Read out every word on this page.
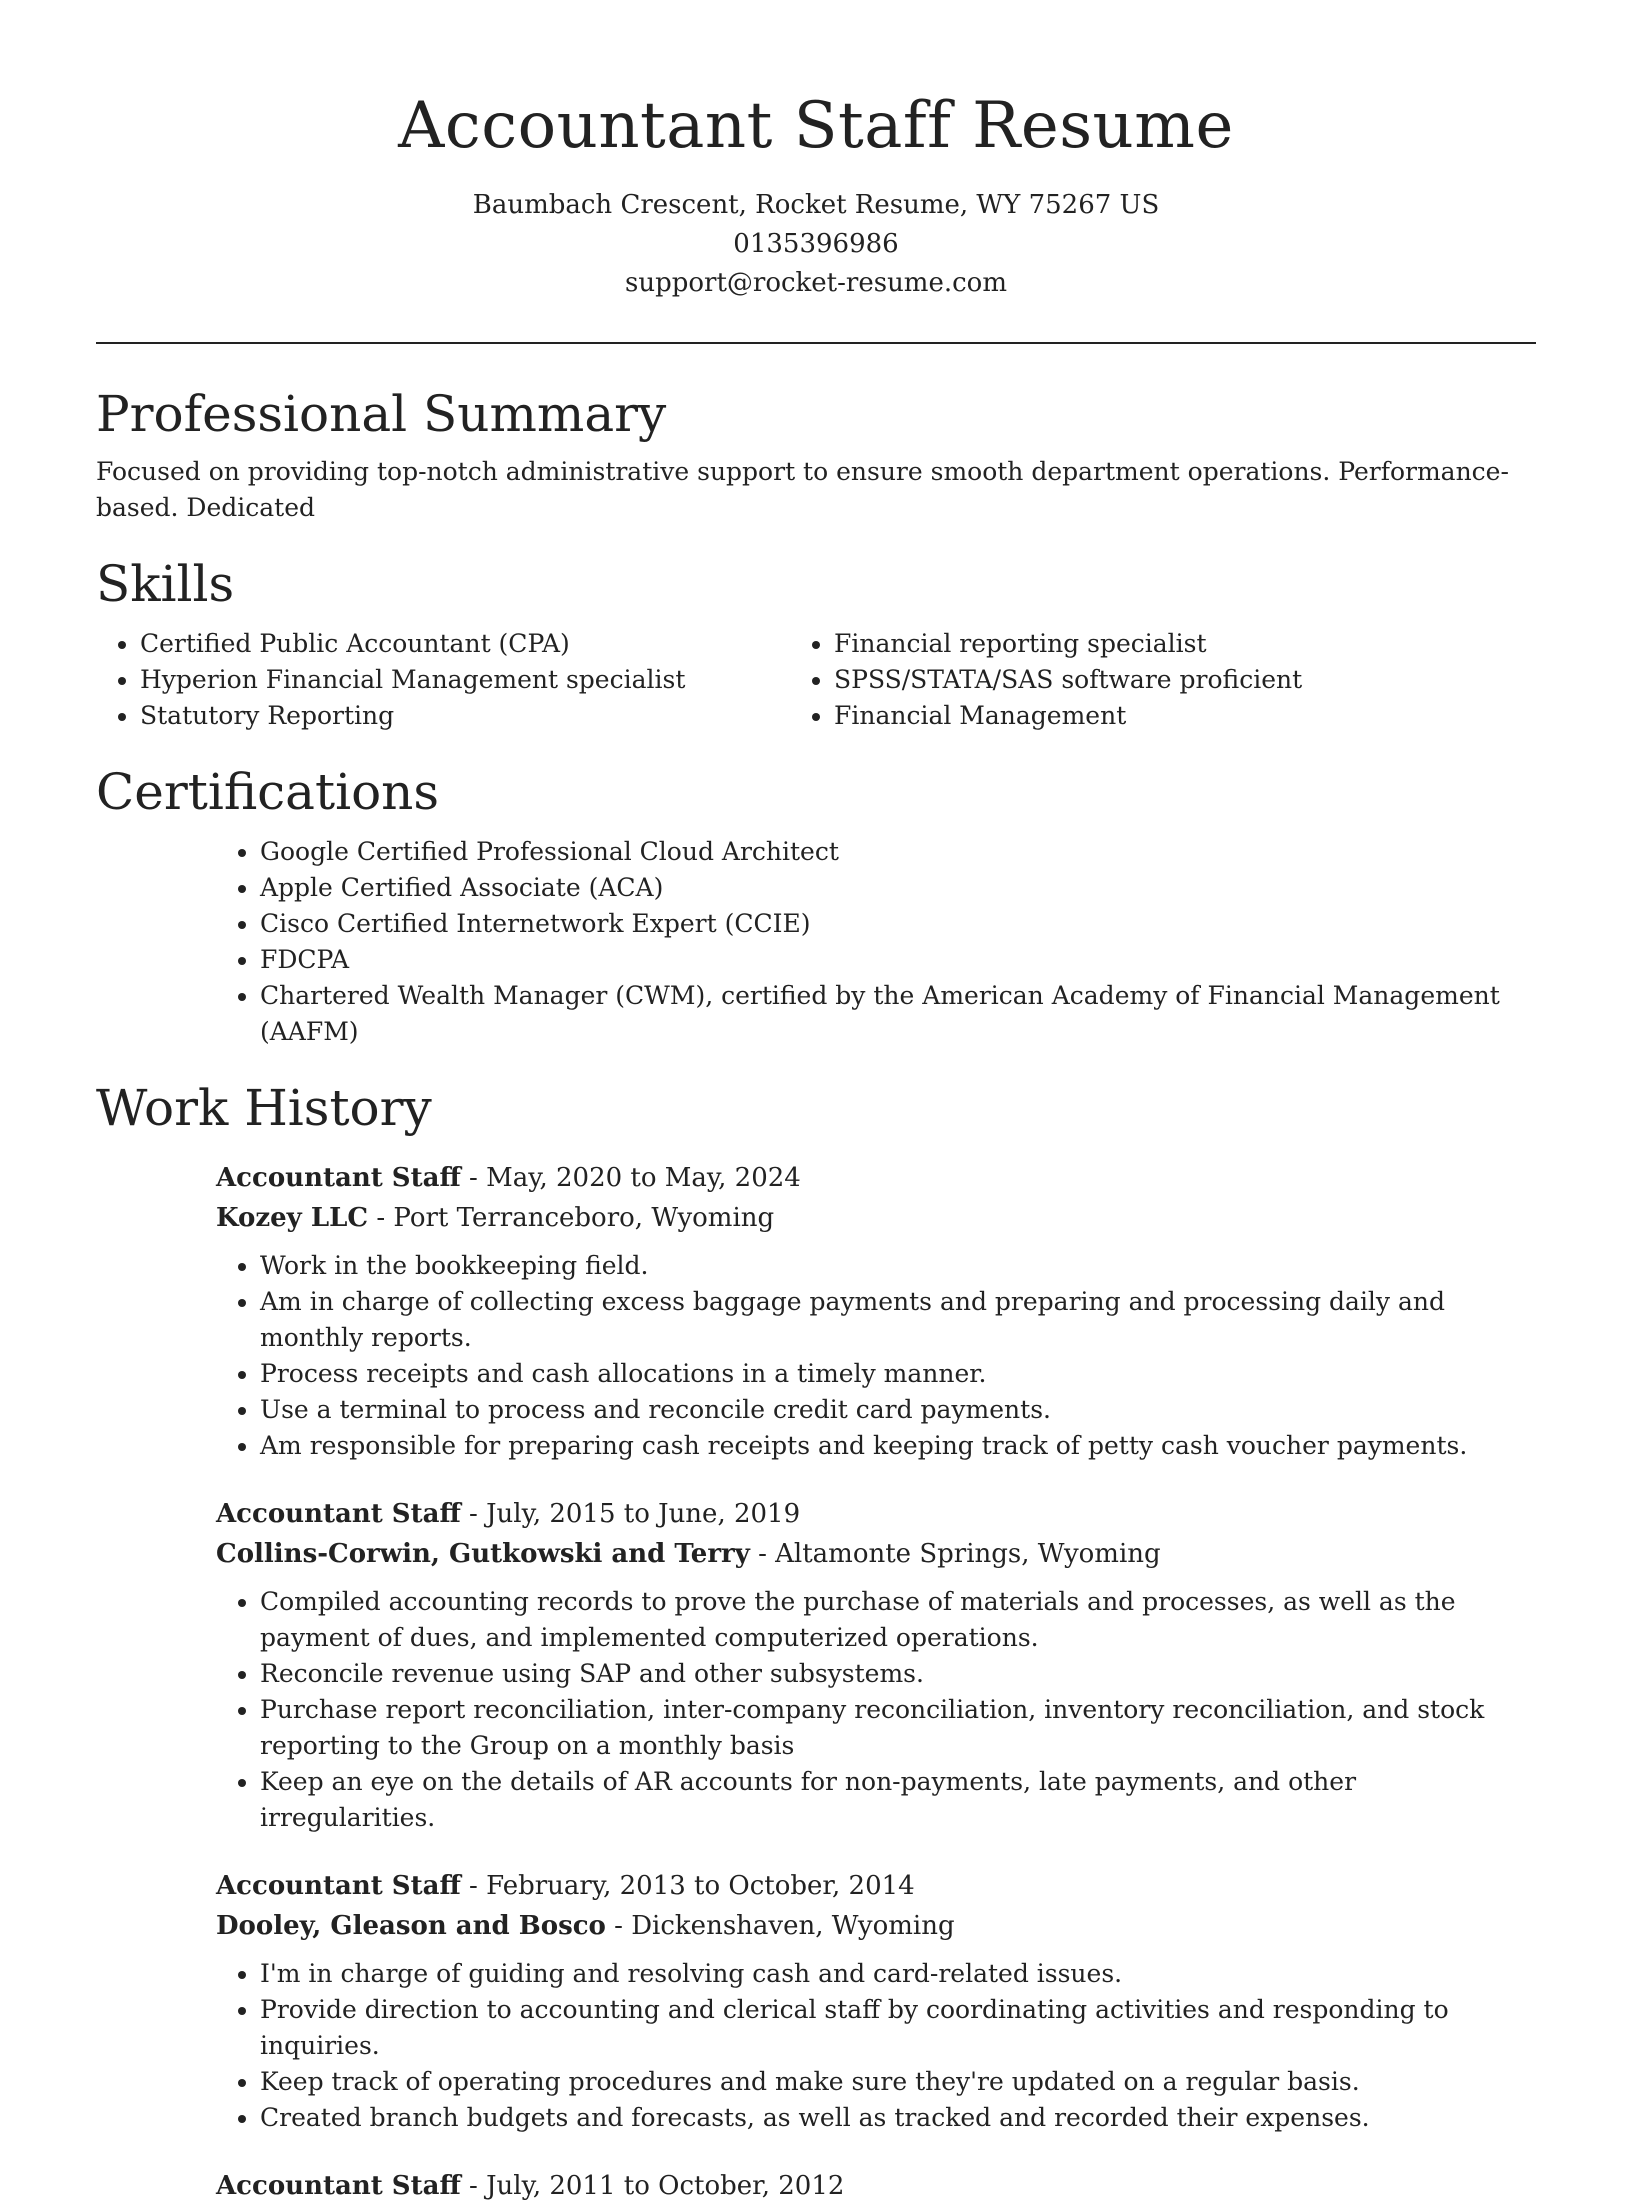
Accountant Staff Resume
Baumbach Crescent, Rocket Resume, WY 75267 US
0135396986
support@rocket-resume.com
Professional Summary

Focused on providing top-notch administrative support to ensure smooth department operations. Performance-based. Dedicated

Skills
• Certified Public Accountant (CPA)
• Hyperion Financial Management specialist
• Statutory Reporting
• Financial reporting specialist
• SPSS/STATA/SAS software proficient
• Financial Management
Certifications
• Google Certified Professional Cloud Architect
• Apple Certified Associate (ACA)
• Cisco Certified Internetwork Expert (CCIE)
• FDCPA
• Chartered Wealth Manager (CWM), certified by the American Academy of Financial Management (AAFM)
Work History
Accountant Staff - May, 2020 to May, 2024
Kozey LLC - Port Terranceboro, Wyoming
• Work in the bookkeeping field.
• Am in charge of collecting excess baggage payments and preparing and processing daily and monthly reports.
• Process receipts and cash allocations in a timely manner.
• Use a terminal to process and reconcile credit card payments.
• Am responsible for preparing cash receipts and keeping track of petty cash voucher payments.
Accountant Staff - July, 2015 to June, 2019
Collins-Corwin, Gutkowski and Terry - Altamonte Springs, Wyoming
• Compiled accounting records to prove the purchase of materials and processes, as well as the payment of dues, and implemented computerized operations.
• Reconcile revenue using SAP and other subsystems.
• Purchase report reconciliation, inter-company reconciliation, inventory reconciliation, and stock reporting to the Group on a monthly basis
• Keep an eye on the details of AR accounts for non-payments, late payments, and other irregularities.
Accountant Staff - February, 2013 to October, 2014
Dooley, Gleason and Bosco - Dickenshaven, Wyoming
• I'm in charge of guiding and resolving cash and card-related issues.
• Provide direction to accounting and clerical staff by coordinating activities and responding to inquiries.
• Keep track of operating procedures and make sure they're updated on a regular basis.
• Created branch budgets and forecasts, as well as tracked and recorded their expenses.
Accountant Staff - July, 2011 to October, 2012
